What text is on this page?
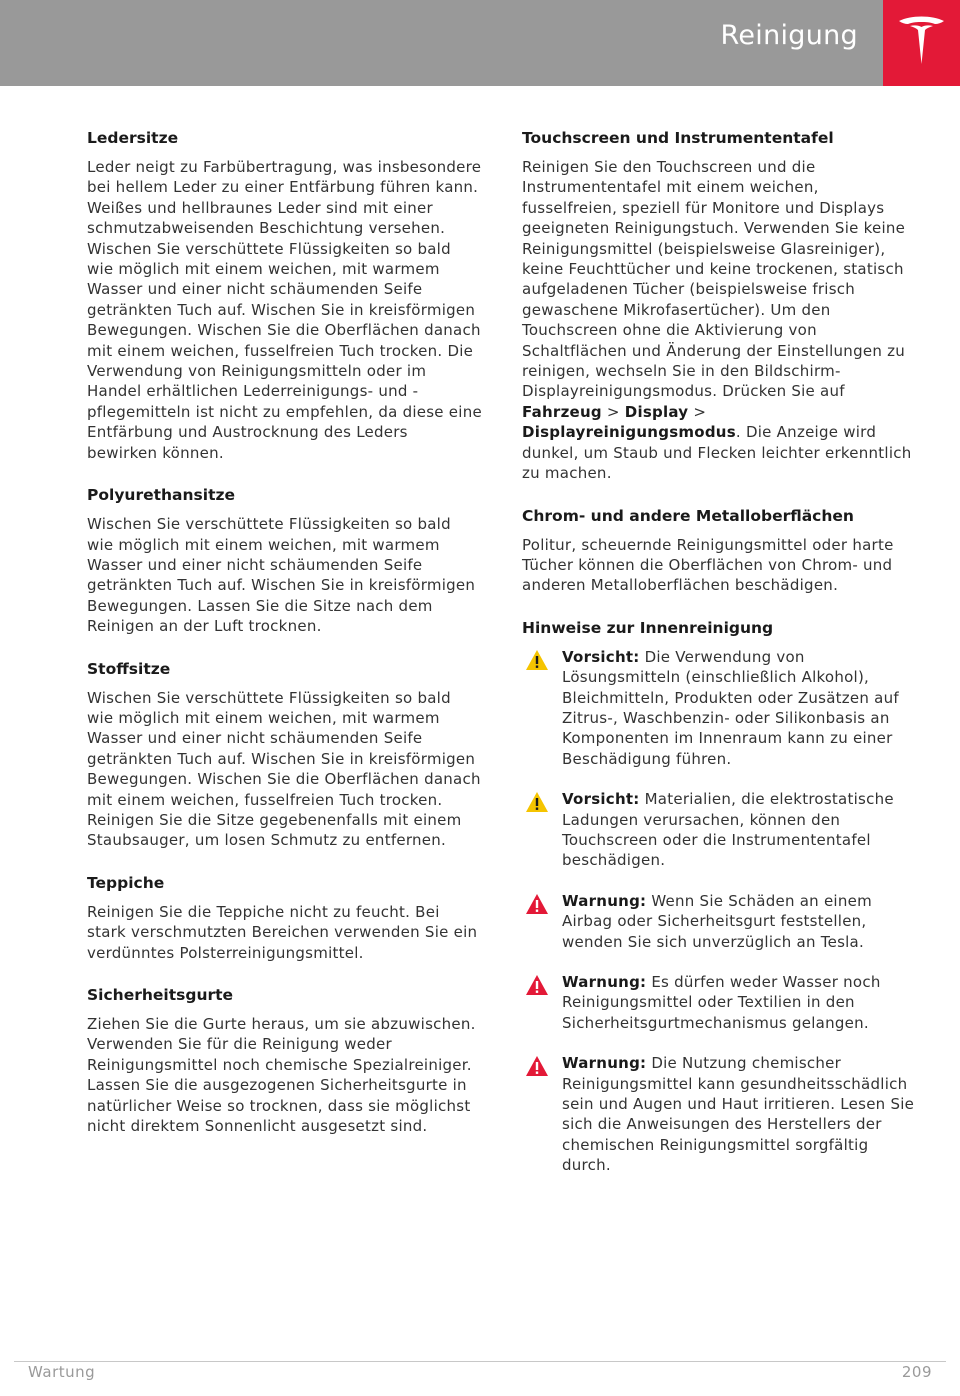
Reinigung
Ledersitze

Leder neigt zu Farbübertragung, was insbesondere bei hellem Leder zu einer Entfärbung führen kann. Weißes und hellbraunes Leder sind mit einer schmutzabweisenden Beschichtung versehen. Wischen Sie verschüttete Flüssigkeiten so bald wie möglich mit einem weichen, mit warmem Wasser und einer nicht schäumenden Seife getränkten Tuch auf. Wischen Sie in kreisförmigen Bewegungen. Wischen Sie die Oberflächen danach mit einem weichen, fusselfreien Tuch trocken. Die Verwendung von Reinigungsmitteln oder im Handel erhältlichen Lederreinigungs- und -pflegemitteln ist nicht zu empfehlen, da diese eine Entfärbung und Austrocknung des Leders bewirken können.

Polyurethansitze

Wischen Sie verschüttete Flüssigkeiten so bald wie möglich mit einem weichen, mit warmem Wasser und einer nicht schäumenden Seife getränkten Tuch auf. Wischen Sie in kreisförmigen Bewegungen. Lassen Sie die Sitze nach dem Reinigen an der Luft trocknen.

Stoffsitze

Wischen Sie verschüttete Flüssigkeiten so bald wie möglich mit einem weichen, mit warmem Wasser und einer nicht schäumenden Seife getränkten Tuch auf. Wischen Sie in kreisförmigen Bewegungen. Wischen Sie die Oberflächen danach mit einem weichen, fusselfreien Tuch trocken. Reinigen Sie die Sitze gegebenenfalls mit einem Staubsauger, um losen Schmutz zu entfernen.

Teppiche

Reinigen Sie die Teppiche nicht zu feucht. Bei stark verschmutzten Bereichen verwenden Sie ein verdünntes Polsterreinigungsmittel.

Sicherheitsgurte

Ziehen Sie die Gurte heraus, um sie abzuwischen. Verwenden Sie für die Reinigung weder Reinigungsmittel noch chemische Spezialreiniger. Lassen Sie die ausgezogenen Sicherheitsgurte in natürlicher Weise so trocknen, dass sie möglichst nicht direktem Sonnenlicht ausgesetzt sind.

Touchscreen und Instrumententafel

Reinigen Sie den Touchscreen und die Instrumententafel mit einem weichen, fusselfreien, speziell für Monitore und Displays geeigneten Reinigungstuch. Verwenden Sie keine Reinigungsmittel (beispielsweise Glasreiniger), keine Feuchttücher und keine trockenen, statisch aufgeladenen Tücher (beispielsweise frisch gewaschene Mikrofasertücher). Um den Touchscreen ohne die Aktivierung von Schaltflächen und Änderung der Einstellungen zu reinigen, wechseln Sie in den Bildschirm-Displayreinigungsmodus. Drücken Sie auf Fahrzeug > Display > Displayreinigungsmodus. Die Anzeige wird dunkel, um Staub und Flecken leichter erkenntlich zu machen.

Chrom- und andere Metalloberflächen

Politur, scheuernde Reinigungsmittel oder harte Tücher können die Oberflächen von Chrom- und anderen Metalloberflächen beschädigen.

Hinweise zur Innenreinigung

Vorsicht: Die Verwendung von Lösungsmitteln (einschließlich Alkohol), Bleichmitteln, Produkten oder Zusätzen auf Zitrus-, Waschbenzin- oder Silikonbasis an Komponenten im Innenraum kann zu einer Beschädigung führen.

Vorsicht: Materialien, die elektrostatische Ladungen verursachen, können den Touchscreen oder die Instrumententafel beschädigen.

Warnung: Wenn Sie Schäden an einem Airbag oder Sicherheitsgurt feststellen, wenden Sie sich unverzüglich an Tesla.

Warnung: Es dürfen weder Wasser noch Reinigungsmittel oder Textilien in den Sicherheitsgurtmechanismus gelangen.

Warnung: Die Nutzung chemischer Reinigungsmittel kann gesundheitsschädlich sein und Augen und Haut irritieren. Lesen Sie sich die Anweisungen des Herstellers der chemischen Reinigungsmittel sorgfältig durch.

Wartung	209
